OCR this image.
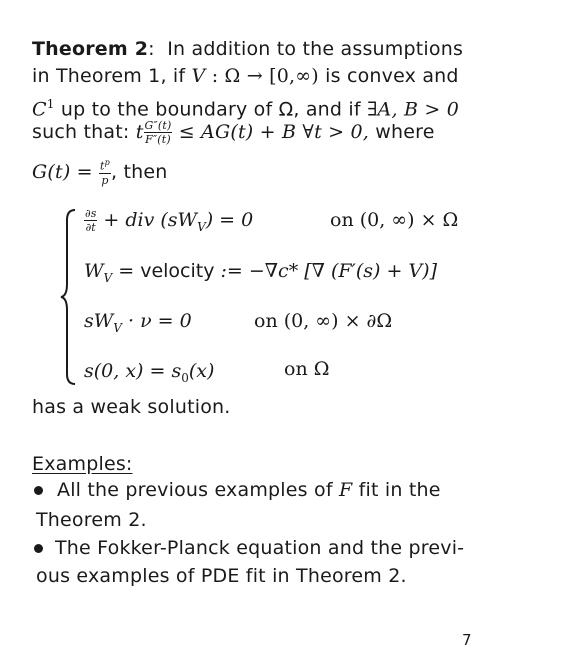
Theorem 2: In addition to the assumptions
in Theorem 1, if V : Ω → [0,∞) is convex and
$C^1$ up to the boundary of Ω, and if ∃A, B > 0
such that: t $\frac{G''(t)}{F''(t)} \le AG(t) + B$ ∀t > 0, where
$G(t) = \frac{t^p}{p}$ , then
$\frac{\partial s}{\partial t}$ + div $(sW_V) = 0$	on (0, ∞) × Ω
$W_V$ = velocity := −∇c* [∇ (F′(s) + V)]
$sW_V \cdot \nu = 0$	on (0, ∞) × ∂Ω
s(0, $x) = s_0(x)$	on Ω
has a weak solution.
Examples:
All the previous examples of F fit in the
Theorem 2.
The Fokker-Planck equation and the previ-
ous examples of PDE fit in Theorem 2.
7
